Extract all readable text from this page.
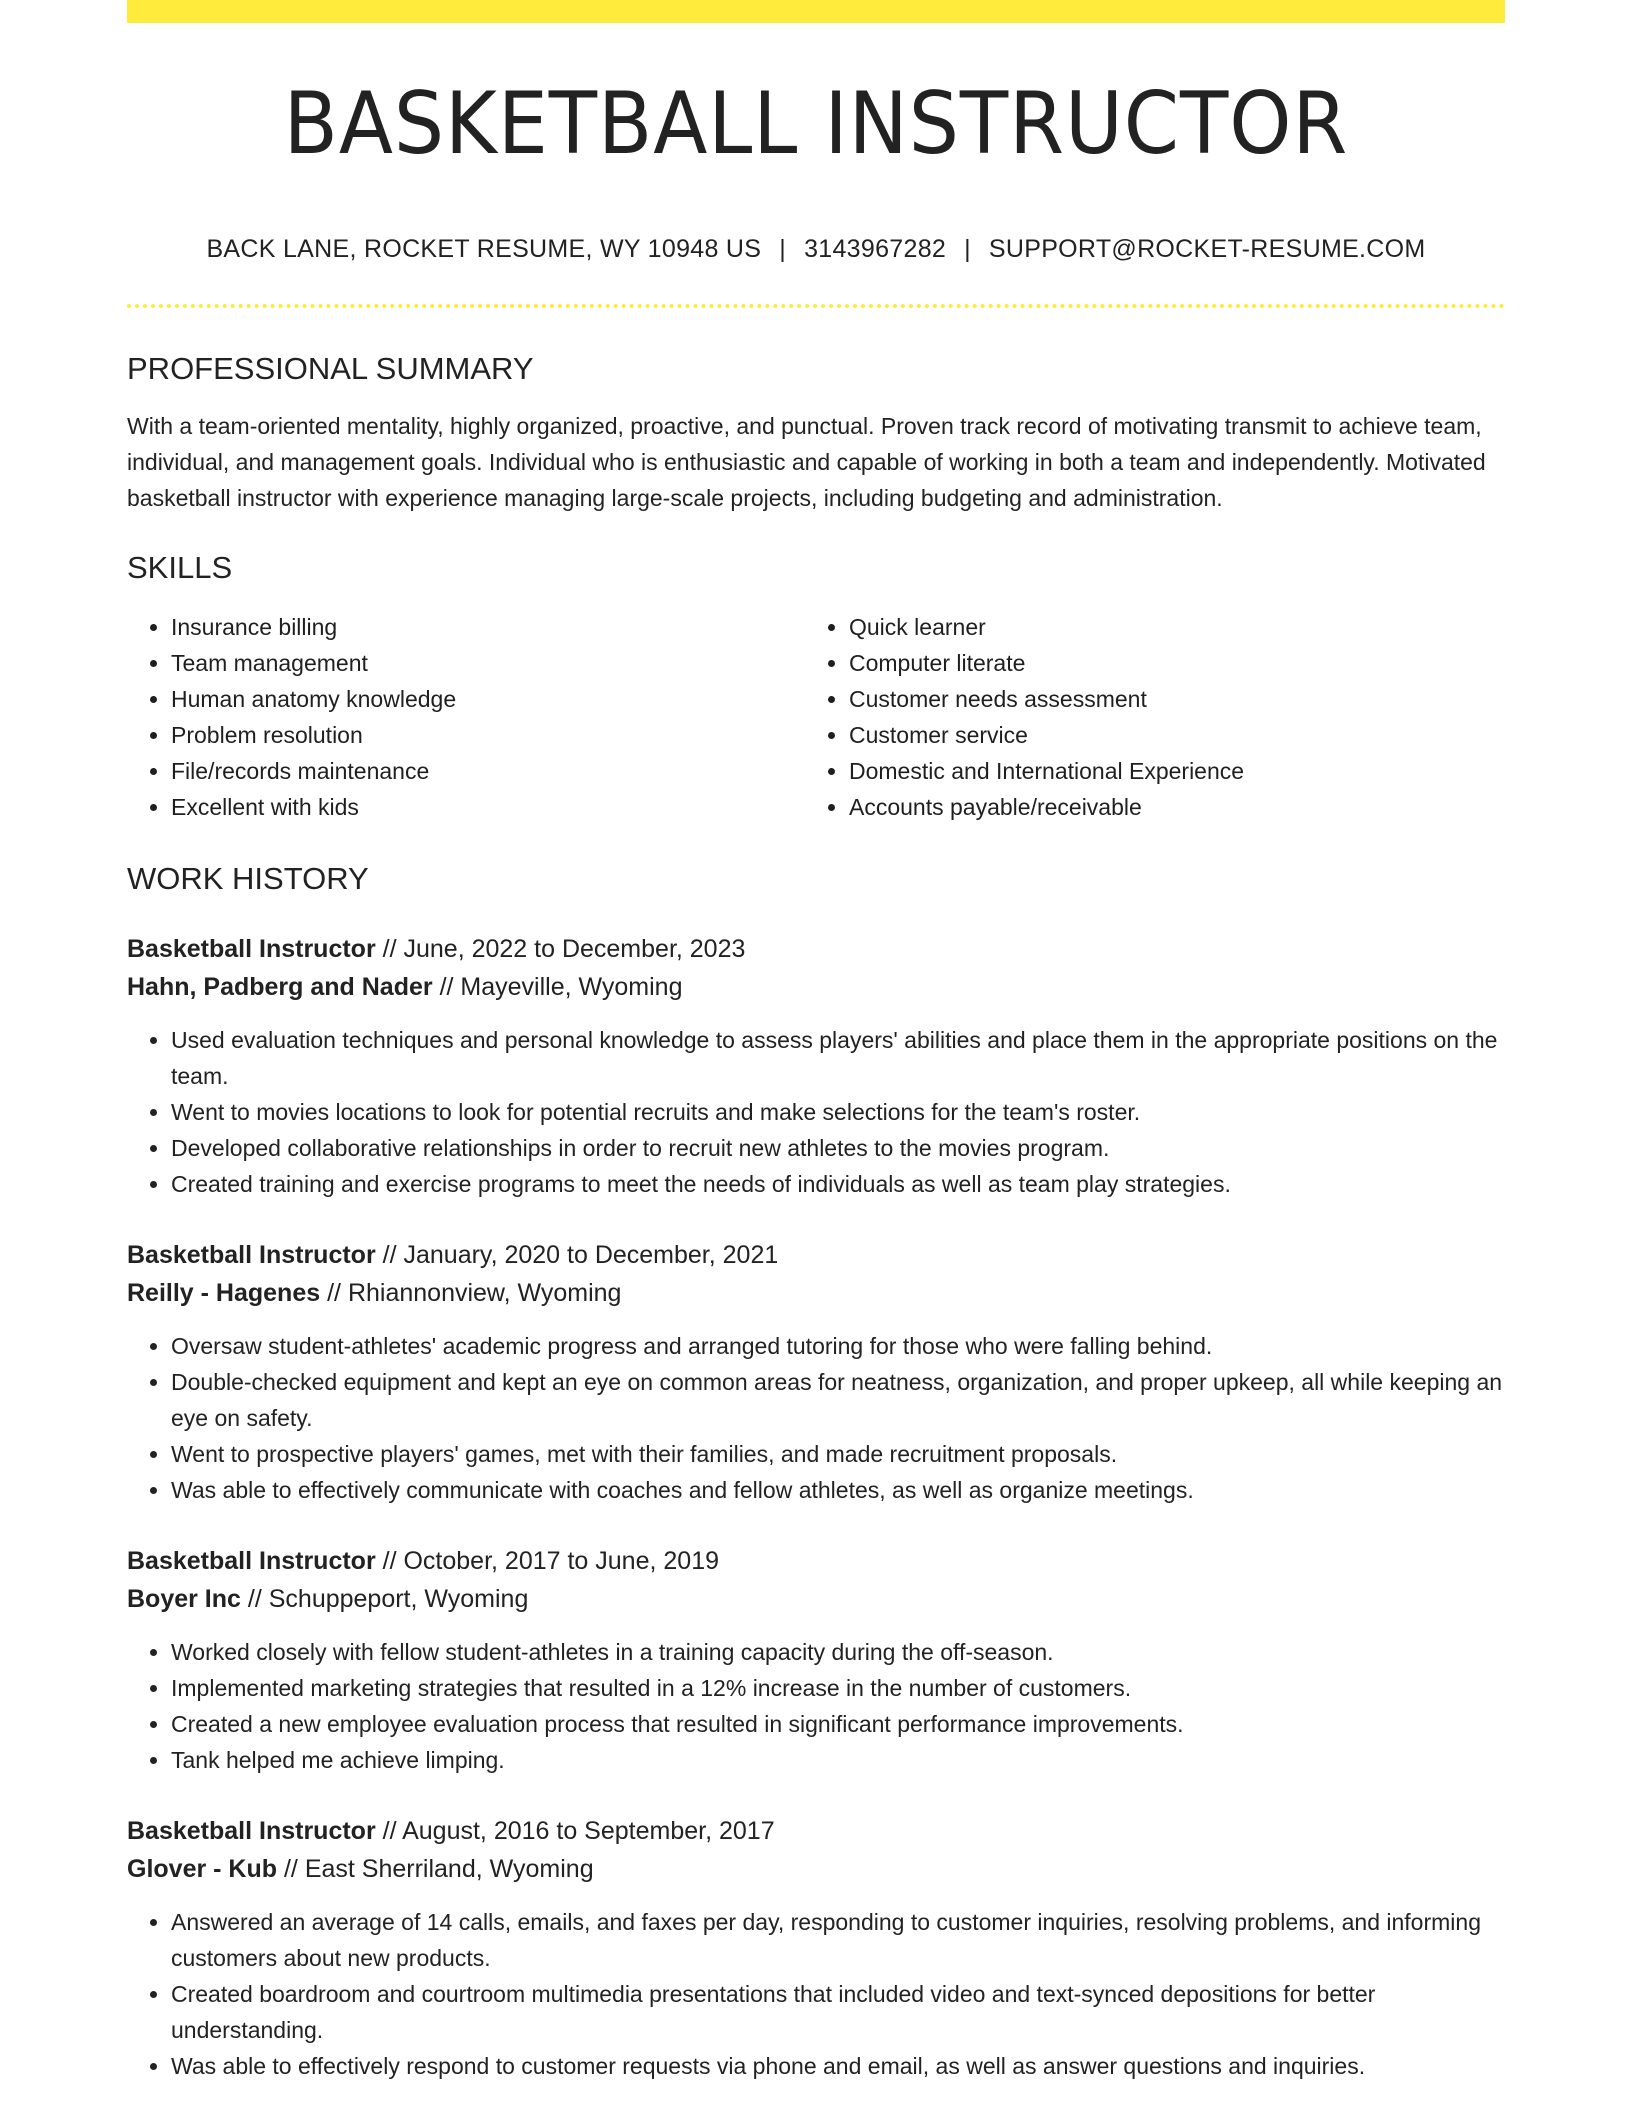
BASKETBALL INSTRUCTOR
BACK LANE, ROCKET RESUME, WY 10948 US | 3143967282 | SUPPORT@ROCKET-RESUME.COM
PROFESSIONAL SUMMARY

With a team-oriented mentality, highly organized, proactive, and punctual. Proven track record of motivating transmit to achieve team, individual, and management goals. Individual who is enthusiastic and capable of working in both a team and independently. Motivated basketball instructor with experience managing large-scale projects, including budgeting and administration.

SKILLS
• Insurance billing
• Team management
• Human anatomy knowledge
• Problem resolution
• File/records maintenance
• Excellent with kids
• Quick learner
• Computer literate
• Customer needs assessment
• Customer service
• Domestic and International Experience
• Accounts payable/receivable
WORK HISTORY
Basketball Instructor // June, 2022 to December, 2023
Hahn, Padberg and Nader // Mayeville, Wyoming
• Used evaluation techniques and personal knowledge to assess players' abilities and place them in the appropriate positions on the team.
• Went to movies locations to look for potential recruits and make selections for the team's roster.
• Developed collaborative relationships in order to recruit new athletes to the movies program.
• Created training and exercise programs to meet the needs of individuals as well as team play strategies.
Basketball Instructor // January, 2020 to December, 2021
Reilly - Hagenes // Rhiannonview, Wyoming
• Oversaw student-athletes' academic progress and arranged tutoring for those who were falling behind.
• Double-checked equipment and kept an eye on common areas for neatness, organization, and proper upkeep, all while keeping an eye on safety.
• Went to prospective players' games, met with their families, and made recruitment proposals.
• Was able to effectively communicate with coaches and fellow athletes, as well as organize meetings.
Basketball Instructor // October, 2017 to June, 2019
Boyer Inc // Schuppeport, Wyoming
• Worked closely with fellow student-athletes in a training capacity during the off-season.
• Implemented marketing strategies that resulted in a 12% increase in the number of customers.
• Created a new employee evaluation process that resulted in significant performance improvements.
• Tank helped me achieve limping.
Basketball Instructor // August, 2016 to September, 2017
Glover - Kub // East Sherriland, Wyoming
• Answered an average of 14 calls, emails, and faxes per day, responding to customer inquiries, resolving problems, and informing customers about new products.
• Created boardroom and courtroom multimedia presentations that included video and text-synced depositions for better understanding.
• Was able to effectively respond to customer requests via phone and email, as well as answer questions and inquiries.
